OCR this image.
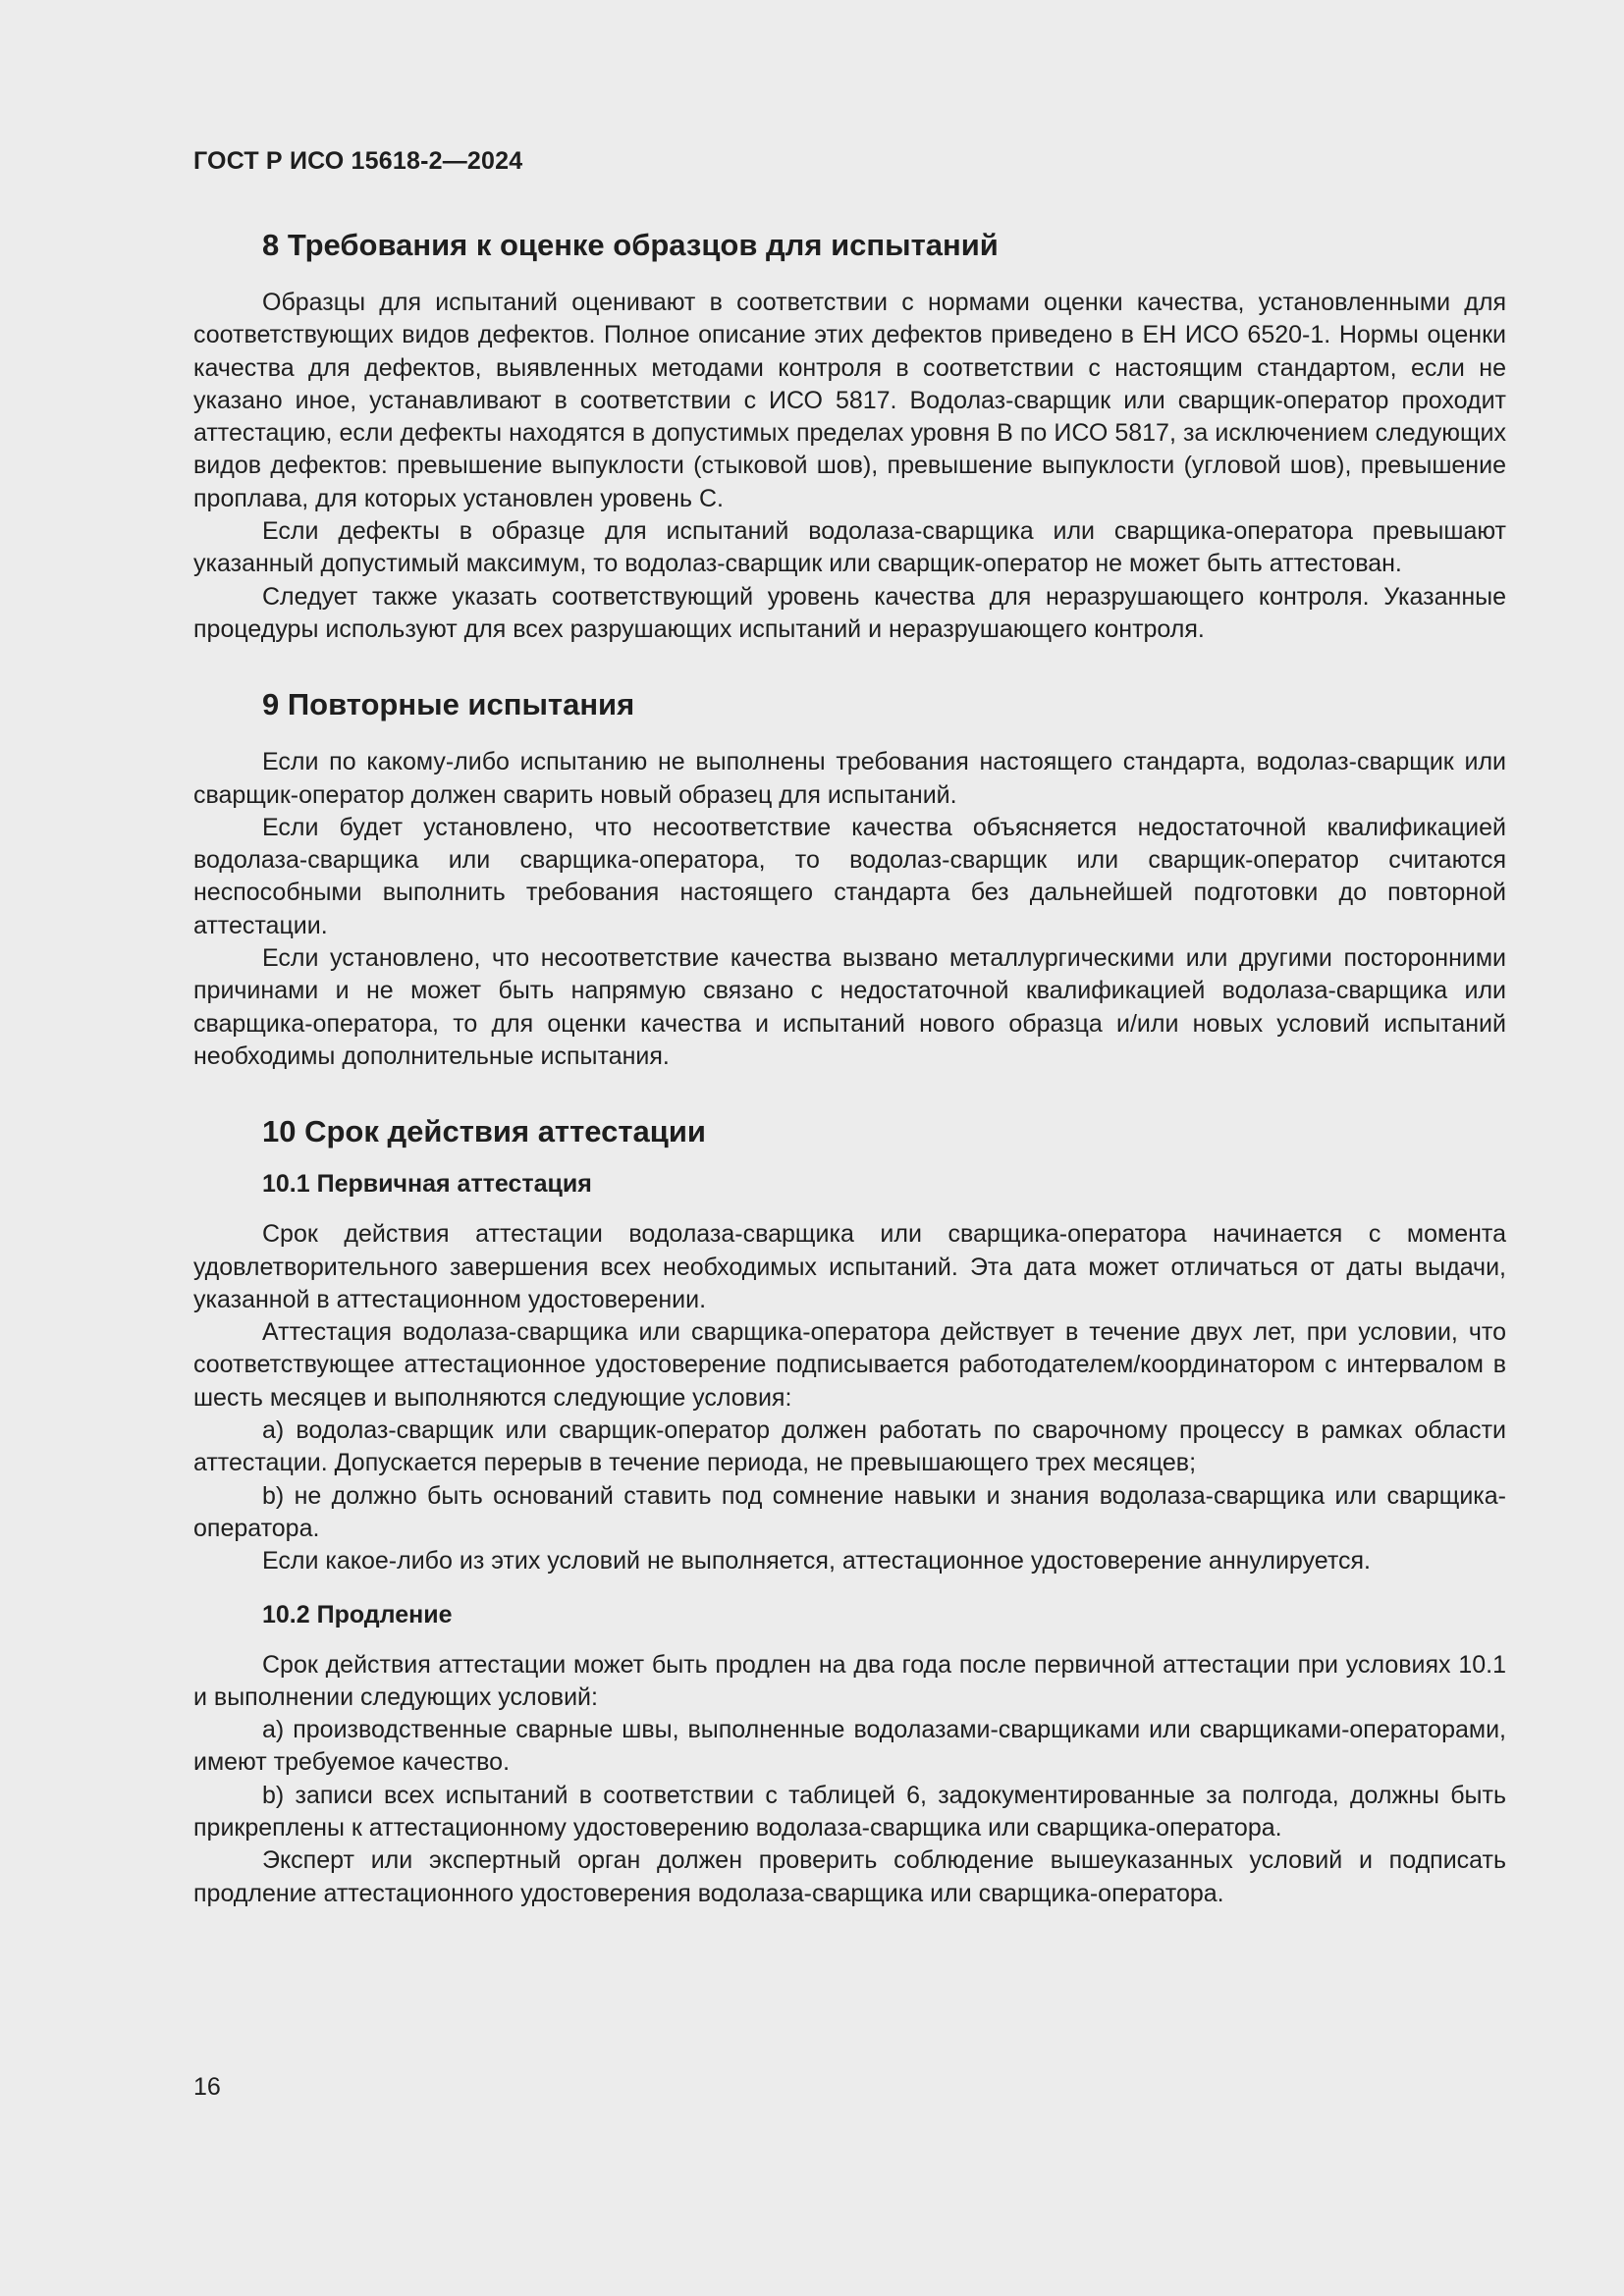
ГОСТ Р ИСО 15618-2—2024
8 Требования к оценке образцов для испытаний

Образцы для испытаний оценивают в соответствии с нормами оценки качества, установленными для соответствующих видов дефектов. Полное описание этих дефектов приведено в ЕН ИСО 6520-1. Нормы оценки качества для дефектов, выявленных методами контроля в соответствии с настоящим стандартом, если не указано иное, устанавливают в соответствии с ИСО 5817. Водолаз-сварщик или сварщик-оператор проходит аттестацию, если дефекты находятся в допустимых пределах уровня В по ИСО 5817, за исключением следующих видов дефектов: превышение выпуклости (стыковой шов), превышение выпуклости (угловой шов), превышение проплава, для которых установлен уровень С.

Если дефекты в образце для испытаний водолаза-сварщика или сварщика-оператора превышают указанный допустимый максимум, то водолаз-сварщик или сварщик-оператор не может быть аттестован.

Следует также указать соответствующий уровень качества для неразрушающего контроля. Указанные процедуры используют для всех разрушающих испытаний и неразрушающего контроля.

9 Повторные испытания

Если по какому-либо испытанию не выполнены требования настоящего стандарта, водолаз-сварщик или сварщик-оператор должен сварить новый образец для испытаний.

Если будет установлено, что несоответствие качества объясняется недостаточной квалификацией водолаза-сварщика или сварщика-оператора, то водолаз-сварщик или сварщик-оператор считаются неспособными выполнить требования настоящего стандарта без дальнейшей подготовки до повторной аттестации.

Если установлено, что несоответствие качества вызвано металлургическими или другими посторонними причинами и не может быть напрямую связано с недостаточной квалификацией водолаза-сварщика или сварщика-оператора, то для оценки качества и испытаний нового образца и/или новых условий испытаний необходимы дополнительные испытания.

10 Срок действия аттестации
10.1 Первичная аттестация

Срок действия аттестации водолаза-сварщика или сварщика-оператора начинается с момента удовлетворительного завершения всех необходимых испытаний. Эта дата может отличаться от даты выдачи, указанной в аттестационном удостоверении.

Аттестация водолаза-сварщика или сварщика-оператора действует в течение двух лет, при условии, что соответствующее аттестационное удостоверение подписывается работодателем/координатором с интервалом в шесть месяцев и выполняются следующие условия:

a) водолаз-сварщик или сварщик-оператор должен работать по сварочному процессу в рамках области аттестации. Допускается перерыв в течение периода, не превышающего трех месяцев;

b) не должно быть оснований ставить под сомнение навыки и знания водолаза-сварщика или сварщика-оператора.

Если какое-либо из этих условий не выполняется, аттестационное удостоверение аннулируется.

10.2 Продление

Срок действия аттестации может быть продлен на два года после первичной аттестации при условиях 10.1 и выполнении следующих условий:

a) производственные сварные швы, выполненные водолазами-сварщиками или сварщиками-операторами, имеют требуемое качество.

b) записи всех испытаний в соответствии с таблицей 6, задокументированные за полгода, должны быть прикреплены к аттестационному удостоверению водолаза-сварщика или сварщика-оператора.

Эксперт или экспертный орган должен проверить соблюдение вышеуказанных условий и подписать продление аттестационного удостоверения водолаза-сварщика или сварщика-оператора.

16
